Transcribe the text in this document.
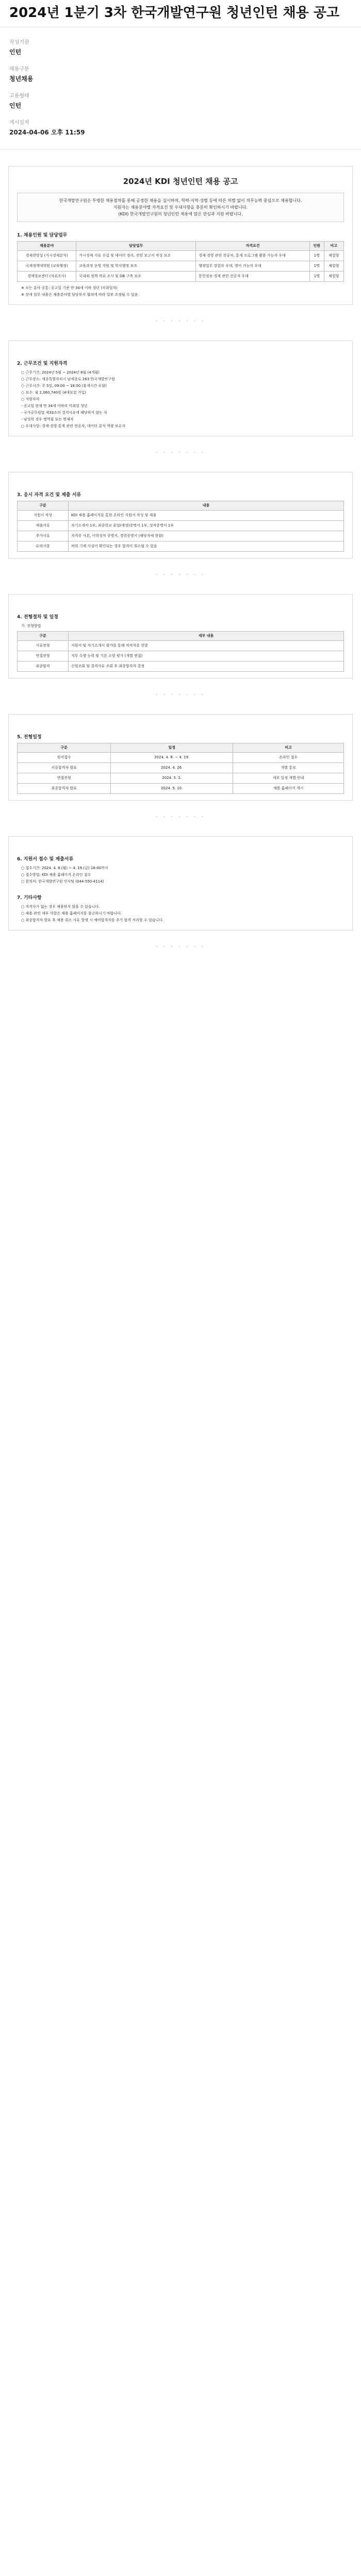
2024년 1분기 3차 한국개발연구원 청년인턴 채용 공고
작성기관
인턴
채용구분
청년채용
고용형태
인턴
게시일자
2024-04-06 오후 11:59
2024년 KDI 청년인턴 채용 공고
한국개발연구원은 투명한 채용절차를 통해 공정한 채용을 실시하며, 학력·지역·성별 등에 따른 차별 없이 직무능력 중심으로 채용합니다.
지원자는 채용분야별 자격요건 및 우대사항을 충분히 확인하시기 바랍니다.
(KDI) 한국개발연구원의 청년인턴 채용에 많은 관심과 지원 바랍니다.
1. 채용인원 및 담당업무
채용분야	담당업무	자격요건	인원	비고
경제전망실 (거시경제분석)	거시경제 지표 수집 및 데이터 정리, 전망 보고서 작성 보조	경제·경영 관련 전공자, 통계 프로그램 활용 가능자 우대	1명	체험형
국제정책대학원 (교육행정)	교육과정 운영 지원 및 학사행정 보조	행정업무 경험자 우대, 영어 가능자 우대	1명	체험형
경제정보센터 (자료조사)	국내외 정책 자료 조사 및 DB 구축 보조	문헌정보·경제 관련 전공자 우대	1명	체험형
※ 모든 분야 공통: 공고일 기준 만 34세 이하 청년 (미취업자)
※ 상세 업무 내용은 채용분야별 담당부서 협의에 따라 일부 조정될 수 있음
- - - - - - -
2. 근무조건 및 지원자격
○ 근무기간: 2024년 5월 ~ 2024년 8월 (4개월)
○ 근무장소: 세종특별자치시 남세종로 263 한국개발연구원
○ 근무시간: 주 5일, 09:00 ~ 18:00 (휴게시간 포함)
○ 보수: 월 2,060,740원 (4대보험 가입)
○ 지원자격
- 공고일 현재 만 34세 이하의 미취업 청년
- 국가공무원법 제33조의 결격사유에 해당하지 않는 자
- 남성의 경우 병역필 또는 면제자
○ 우대사항: 경제·경영·통계 관련 전공자, 데이터 분석 역량 보유자
- - - - - - -
3. 응시 자격 요건 및 제출 서류
구분	내용
지원서 작성	KDI 채용 홈페이지를 통한 온라인 지원서 작성 및 제출
제출서류	자기소개서 1부, 최종학교 졸업(예정)증명서 1부, 성적증명서 1부
추가서류	자격증 사본, 어학성적 증명서, 경력증명서 (해당자에 한함)
유의사항	허위 기재 사실이 확인되는 경우 합격이 취소될 수 있음
- - - - - - -
4. 전형절차 및 일정
가. 전형방법
구분	세부 내용
서류전형	지원서 및 자기소개서 평가를 통해 적격자를 선발
면접전형	직무 수행 능력 및 기본 소양 평가 (개별 면접)
최종합격	신원조회 및 결격사유 조회 후 최종합격자 결정
- - - - - - -
5. 전형일정
구분	일정	비고
원서접수	2024. 4. 8. ~ 4. 19.	온라인 접수
서류합격자 발표	2024. 4. 26.	개별 통보
면접전형	2024. 5. 2.	세부 일정 개별 안내
최종합격자 발표	2024. 5. 10.	채용 홈페이지 게시
- - - - - - -
6. 지원서 접수 및 제출서류
○ 접수기간: 2024. 4. 8.(월) ~ 4. 19.(금) 18:00까지
○ 접수방법: KDI 채용 홈페이지 온라인 접수
○ 문의처: 한국개발연구원 인사팀 (044-550-4114)
7. 기타사항
○ 적격자가 없는 경우 채용하지 않을 수 있습니다.
○ 채용 관련 세부 사항은 채용 홈페이지를 참고하시기 바랍니다.
○ 최종합격자 발표 후 채용 취소 사유 발생 시 예비합격자를 추가 합격 처리할 수 있습니다.
- - - - - - -
